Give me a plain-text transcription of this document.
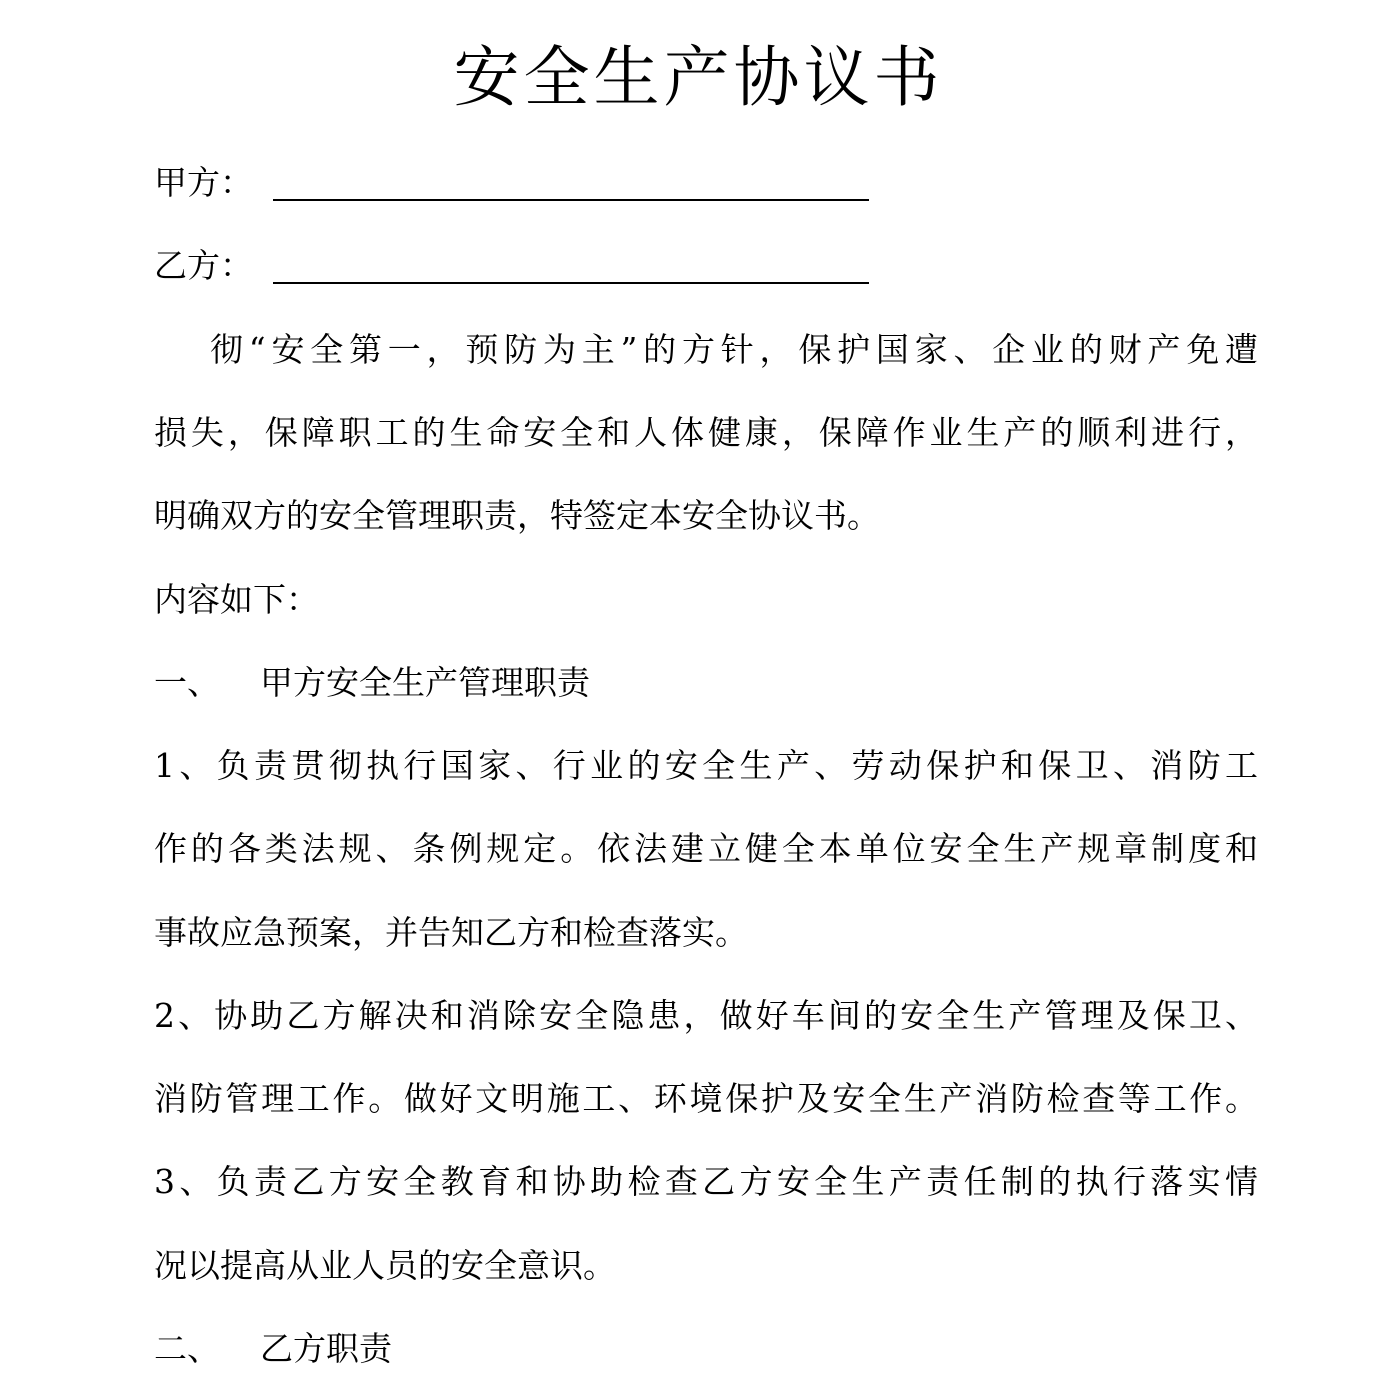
安全生产协议书
甲方：
乙方：
彻“安全第一，预防为主”的方针，保护国家、企业的财产免遭
损失，保障职工的生命安全和人体健康，保障作业生产的顺利进行，
明确双方的安全管理职责，特签定本安全协议书。
内容如下：
一、 甲方安全生产管理职责
1、负责贯彻执行国家、行业的安全生产、劳动保护和保卫、消防工
作的各类法规、条例规定。依法建立健全本单位安全生产规章制度和
事故应急预案，并告知乙方和检查落实。
2、协助乙方解决和消除安全隐患，做好车间的安全生产管理及保卫、
消防管理工作。做好文明施工、环境保护及安全生产消防检查等工作。
3、负责乙方安全教育和协助检查乙方安全生产责任制的执行落实情
况以提高从业人员的安全意识。
二、 乙方职责
